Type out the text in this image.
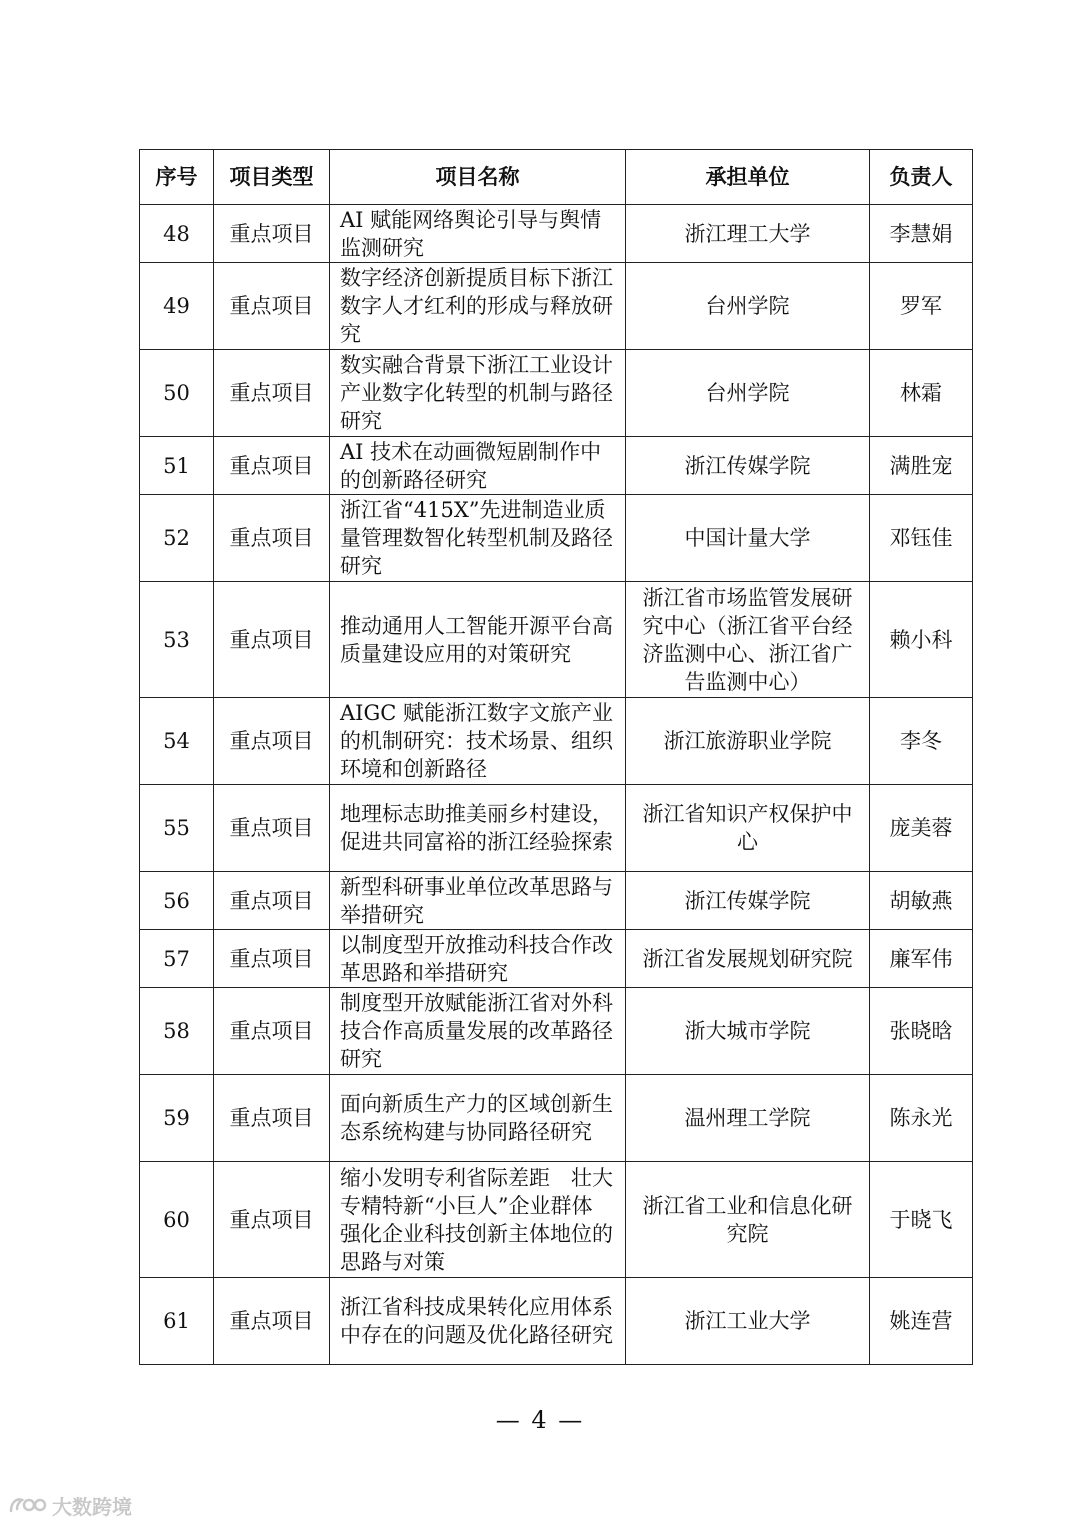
序号	项目类型	项目名称	承担单位	负责人
48	重点项目	AI 赋能网络舆论引导与舆情监测研究	浙江理工大学	李慧娟
49	重点项目	数字经济创新提质目标下浙江数字人才红利的形成与释放研究	台州学院	罗军
50	重点项目	数实融合背景下浙江工业设计产业数字化转型的机制与路径研究	台州学院	林霜
51	重点项目	AI 技术在动画微短剧制作中的创新路径研究	浙江传媒学院	满胜宠
52	重点项目	浙江省“415X”先进制造业质量管理数智化转型机制及路径研究	中国计量大学	邓钰佳
53	重点项目	推动通用人工智能开源平台高质量建设应用的对策研究	浙江省市场监管发展研究中心（浙江省平台经济监测中心、浙江省广告监测中心）	赖小科
54	重点项目	AIGC 赋能浙江数字文旅产业的机制研究：技术场景、组织环境和创新路径	浙江旅游职业学院	李冬
55	重点项目	地理标志助推美丽乡村建设，促进共同富裕的浙江经验探索	浙江省知识产权保护中心	庞美蓉
56	重点项目	新型科研事业单位改革思路与举措研究	浙江传媒学院	胡敏燕
57	重点项目	以制度型开放推动科技合作改革思路和举措研究	浙江省发展规划研究院	廉军伟
58	重点项目	制度型开放赋能浙江省对外科技合作高质量发展的改革路径研究	浙大城市学院	张晓晗
59	重点项目	面向新质生产力的区域创新生态系统构建与协同路径研究	温州理工学院	陈永光
60	重点项目	缩小发明专利省际差距　壮大专精特新“小巨人”企业群体 强化企业科技创新主体地位的思路与对策	浙江省工业和信息化研究院	于晓飞
61	重点项目	浙江省科技成果转化应用体系中存在的问题及优化路径研究	浙江工业大学	姚连营
— 4 —
大数跨境
